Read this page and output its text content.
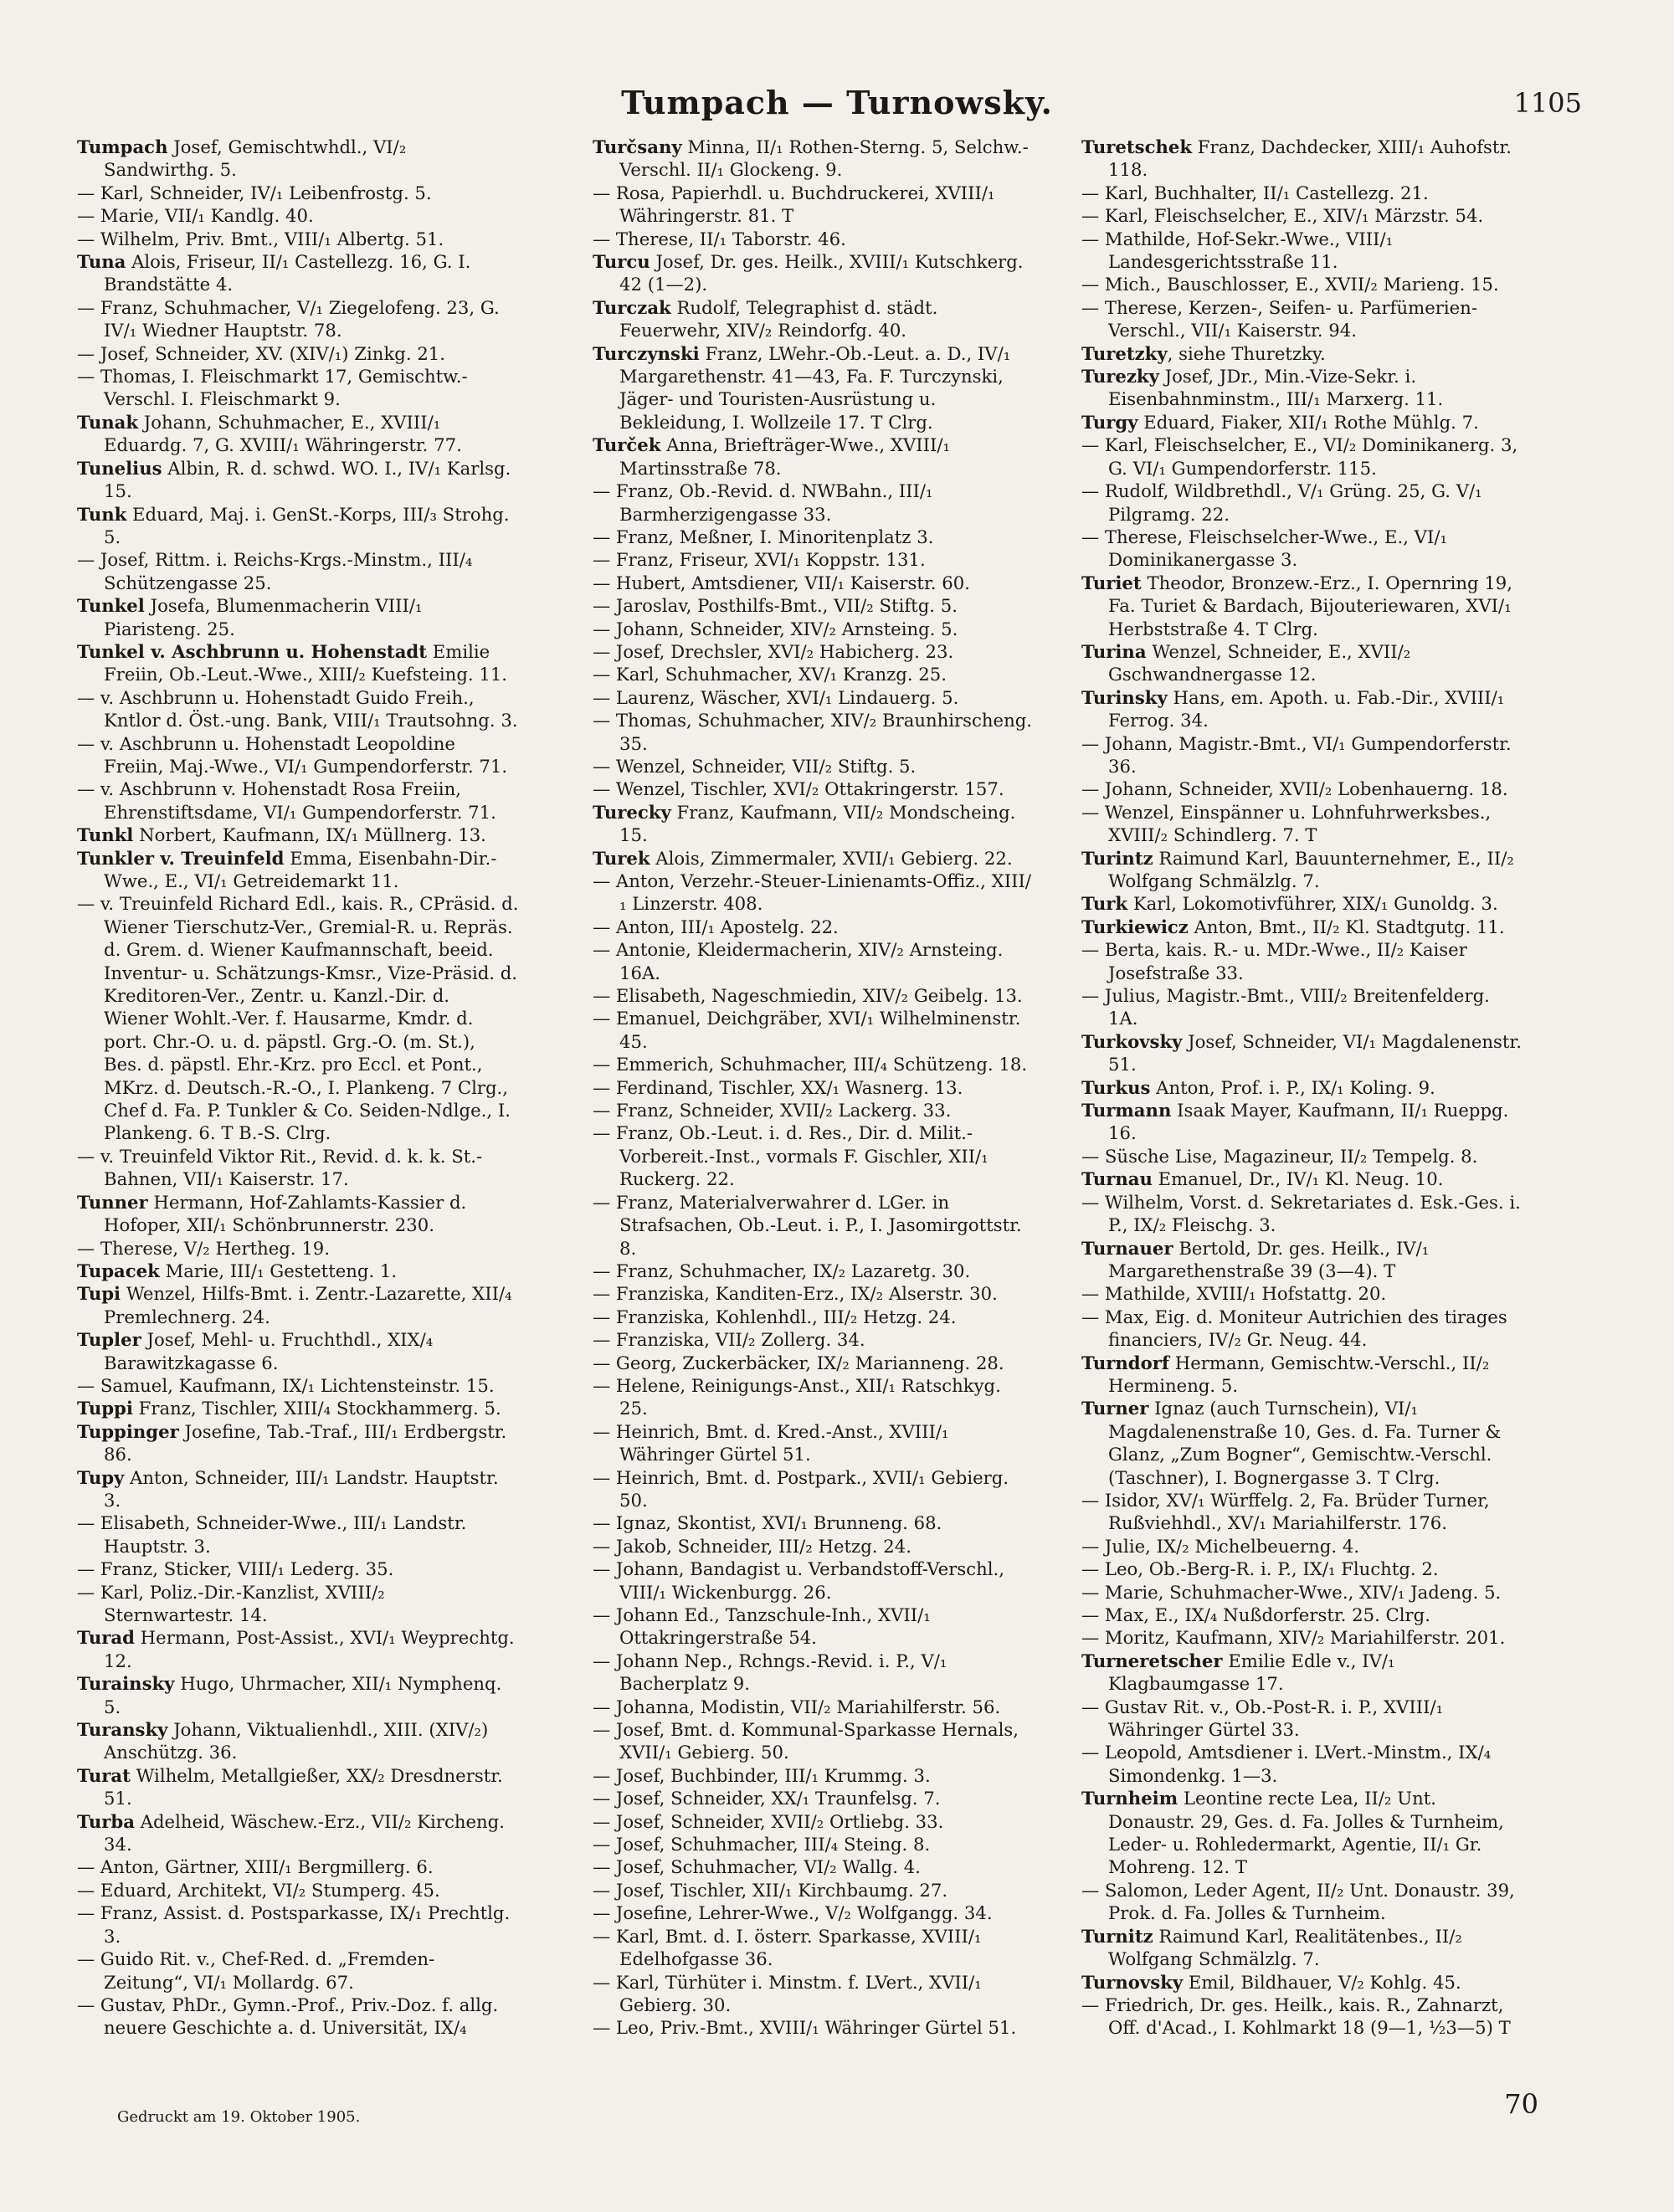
Tumpach — Turnowsky.	1105

Tumpach Josef, Gemischtwhdl., VI/₂ Sandwirthg. 5.

— Karl, Schneider, IV/₁ Leibenfrostg. 5.

— Marie, VII/₁ Kandlg. 40.

— Wilhelm, Priv. Bmt., VIII/₁ Albertg. 51.

Tuna Alois, Friseur, II/₁ Castellezg. 16, G. I. Brandstätte 4.

— Franz, Schuhmacher, V/₁ Ziegelofeng. 23, G. IV/₁ Wiedner Hauptstr. 78.

— Josef, Schneider, XV. (XIV/₁) Zinkg. 21.

— Thomas, I. Fleischmarkt 17, Gemischtw.-Verschl. I. Fleischmarkt 9.

Tunak Johann, Schuhmacher, E., XVIII/₁ Eduardg. 7, G. XVIII/₁ Währingerstr. 77.

Tunelius Albin, R. d. schwd. WO. I., IV/₁ Karlsg. 15.

Tunk Eduard, Maj. i. GenSt.-Korps, III/₃ Strohg. 5.

— Josef, Rittm. i. Reichs-Krgs.-Minstm., III/₄ Schützengasse 25.

Tunkel Josefa, Blumenmacherin VIII/₁ Piaristeng. 25.

Tunkel v. Aschbrunn u. Hohenstadt Emilie Freiin, Ob.-Leut.-Wwe., XIII/₂ Kuefsteing. 11.

— v. Aschbrunn u. Hohenstadt Guido Freih., Kntlor d. Öst.-ung. Bank, VIII/₁ Trautsohng. 3.

— v. Aschbrunn u. Hohenstadt Leopoldine Freiin, Maj.-Wwe., VI/₁ Gumpendorferstr. 71.

— v. Aschbrunn v. Hohenstadt Rosa Freiin, Ehrenstiftsdame, VI/₁ Gumpendorferstr. 71.

Tunkl Norbert, Kaufmann, IX/₁ Müllnerg. 13.

Tunkler v. Treuinfeld Emma, Eisenbahn-Dir.-Wwe., E., VI/₁ Getreidemarkt 11.

— v. Treuinfeld Richard Edl., kais. R., CPräsid. d. Wiener Tierschutz-Ver., Gremial-R. u. Repräs. d. Grem. d. Wiener Kaufmannschaft, beeid. Inventur- u. Schätzungs-Kmsr., Vize-Präsid. d. Kreditoren-Ver., Zentr. u. Kanzl.-Dir. d. Wiener Wohlt.-Ver. f. Hausarme, Kmdr. d. port. Chr.-O. u. d. päpstl. Grg.-O. (m. St.), Bes. d. päpstl. Ehr.-Krz. pro Eccl. et Pont., MKrz. d. Deutsch.-R.-O., I. Plankeng. 7 Clrg., Chef d. Fa. P. Tunkler & Co. Seiden-Ndlge., I. Plankeng. 6. T B.-S. Clrg.

— v. Treuinfeld Viktor Rit., Revid. d. k. k. St.-Bahnen, VII/₁ Kaiserstr. 17.

Tunner Hermann, Hof-Zahlamts-Kassier d. Hofoper, XII/₁ Schönbrunnerstr. 230.

— Therese, V/₂ Hertheg. 19.

Tupacek Marie, III/₁ Gestetteng. 1.

Tupi Wenzel, Hilfs-Bmt. i. Zentr.-Lazarette, XII/₄ Premlechnerg. 24.

Tupler Josef, Mehl- u. Fruchthdl., XIX/₄ Barawitzkagasse 6.

— Samuel, Kaufmann, IX/₁ Lichtensteinstr. 15.

Tuppi Franz, Tischler, XIII/₄ Stockhammerg. 5.

Tuppinger Josefine, Tab.-Traf., III/₁ Erdbergstr. 86.

Tupy Anton, Schneider, III/₁ Landstr. Hauptstr. 3.

— Elisabeth, Schneider-Wwe., III/₁ Landstr. Hauptstr. 3.

— Franz, Sticker, VIII/₁ Lederg. 35.

— Karl, Poliz.-Dir.-Kanzlist, XVIII/₂ Sternwartestr. 14.

Turad Hermann, Post-Assist., XVI/₁ Weyprechtg. 12.

Turainsky Hugo, Uhrmacher, XII/₁ Nymphenq. 5.

Turansky Johann, Viktualienhdl., XIII. (XIV/₂) Anschützg. 36.

Turat Wilhelm, Metallgießer, XX/₂ Dresdnerstr. 51.

Turba Adelheid, Wäschew.-Erz., VII/₂ Kircheng. 34.

— Anton, Gärtner, XIII/₁ Bergmillerg. 6.

— Eduard, Architekt, VI/₂ Stumperg. 45.

— Franz, Assist. d. Postsparkasse, IX/₁ Prechtlg. 3.

— Guido Rit. v., Chef-Red. d. „Fremden-Zeitung“, VI/₁ Mollardg. 67.

— Gustav, PhDr., Gymn.-Prof., Priv.-Doz. f. allg. neuere Geschichte a. d. Universität, IX/₄

Turčsany Minna, II/₁ Rothen-Sterng. 5, Selchw.-Verschl. II/₁ Glockeng. 9.

— Rosa, Papierhdl. u. Buchdruckerei, XVIII/₁ Währingerstr. 81. T

— Therese, II/₁ Taborstr. 46.

Turcu Josef, Dr. ges. Heilk., XVIII/₁ Kutschkerg. 42 (1—2).

Turczak Rudolf, Telegraphist d. städt. Feuerwehr, XIV/₂ Reindorfg. 40.

Turczynski Franz, LWehr.-Ob.-Leut. a. D., IV/₁ Margarethenstr. 41—43, Fa. F. Turczynski, Jäger- und Touristen-Ausrüstung u. Bekleidung, I. Wollzeile 17. T Clrg.

Turček Anna, Briefträger-Wwe., XVIII/₁ Martinsstraße 78.

— Franz, Ob.-Revid. d. NWBahn., III/₁ Barmherzigengasse 33.

— Franz, Meßner, I. Minoritenplatz 3.

— Franz, Friseur, XVI/₁ Koppstr. 131.

— Hubert, Amtsdiener, VII/₁ Kaiserstr. 60.

— Jaroslav, Posthilfs-Bmt., VII/₂ Stiftg. 5.

— Johann, Schneider, XIV/₂ Arnsteing. 5.

— Josef, Drechsler, XVI/₂ Habicherg. 23.

— Karl, Schuhmacher, XV/₁ Kranzg. 25.

— Laurenz, Wäscher, XVI/₁ Lindauerg. 5.

— Thomas, Schuhmacher, XIV/₂ Braunhirscheng. 35.

— Wenzel, Schneider, VII/₂ Stiftg. 5.

— Wenzel, Tischler, XVI/₂ Ottakringerstr. 157.

Turecky Franz, Kaufmann, VII/₂ Mondscheing. 15.

Turek Alois, Zimmermaler, XVII/₁ Gebierg. 22.

— Anton, Verzehr.-Steuer-Linienamts-Offiz., XIII/₁ Linzerstr. 408.

— Anton, III/₁ Apostelg. 22.

— Antonie, Kleidermacherin, XIV/₂ Arnsteing. 16A.

— Elisabeth, Nageschmiedin, XIV/₂ Geibelg. 13.

— Emanuel, Deichgräber, XVI/₁ Wilhelminenstr. 45.

— Emmerich, Schuhmacher, III/₄ Schützeng. 18.

— Ferdinand, Tischler, XX/₁ Wasnerg. 13.

— Franz, Schneider, XVII/₂ Lackerg. 33.

— Franz, Ob.-Leut. i. d. Res., Dir. d. Milit.-Vorbereit.-Inst., vormals F. Gischler, XII/₁ Ruckerg. 22.

— Franz, Materialverwahrer d. LGer. in Strafsachen, Ob.-Leut. i. P., I. Jasomirgottstr. 8.

— Franz, Schuhmacher, IX/₂ Lazaretg. 30.

— Franziska, Kanditen-Erz., IX/₂ Alserstr. 30.

— Franziska, Kohlenhdl., III/₂ Hetzg. 24.

— Franziska, VII/₂ Zollerg. 34.

— Georg, Zuckerbäcker, IX/₂ Marianneng. 28.

— Helene, Reinigungs-Anst., XII/₁ Ratschkyg. 25.

— Heinrich, Bmt. d. Kred.-Anst., XVIII/₁ Währinger Gürtel 51.

— Heinrich, Bmt. d. Postpark., XVII/₁ Gebierg. 50.

— Ignaz, Skontist, XVI/₁ Brunneng. 68.

— Jakob, Schneider, III/₂ Hetzg. 24.

— Johann, Bandagist u. Verbandstoff-Verschl., VIII/₁ Wickenburgg. 26.

— Johann Ed., Tanzschule-Inh., XVII/₁ Ottakringerstraße 54.

— Johann Nep., Rchngs.-Revid. i. P., V/₁ Bacherplatz 9.

— Johanna, Modistin, VII/₂ Mariahilferstr. 56.

— Josef, Bmt. d. Kommunal-Sparkasse Hernals, XVII/₁ Gebierg. 50.

— Josef, Buchbinder, III/₁ Krummg. 3.

— Josef, Schneider, XX/₁ Traunfelsg. 7.

— Josef, Schneider, XVII/₂ Ortliebg. 33.

— Josef, Schuhmacher, III/₄ Steing. 8.

— Josef, Schuhmacher, VI/₂ Wallg. 4.

— Josef, Tischler, XII/₁ Kirchbaumg. 27.

— Josefine, Lehrer-Wwe., V/₂ Wolfgangg. 34.

— Karl, Bmt. d. I. österr. Sparkasse, XVIII/₁ Edelhofgasse 36.

— Karl, Türhüter i. Minstm. f. LVert., XVII/₁ Gebierg. 30.

— Leo, Priv.-Bmt., XVIII/₁ Währinger Gürtel 51.

Turetschek Franz, Dachdecker, XIII/₁ Auhofstr. 118.

— Karl, Buchhalter, II/₁ Castellezg. 21.

— Karl, Fleischselcher, E., XIV/₁ Märzstr. 54.

— Mathilde, Hof-Sekr.-Wwe., VIII/₁ Landesgerichtsstraße 11.

— Mich., Bauschlosser, E., XVII/₂ Marieng. 15.

— Therese, Kerzen-, Seifen- u. Parfümerien-Verschl., VII/₁ Kaiserstr. 94.

Turetzky, siehe Thuretzky.

Turezky Josef, JDr., Min.-Vize-Sekr. i. Eisenbahnminstm., III/₁ Marxerg. 11.

Turgy Eduard, Fiaker, XII/₁ Rothe Mühlg. 7.

— Karl, Fleischselcher, E., VI/₂ Dominikanerg. 3, G. VI/₁ Gumpendorferstr. 115.

— Rudolf, Wildbrethdl., V/₁ Grüng. 25, G. V/₁ Pilgramg. 22.

— Therese, Fleischselcher-Wwe., E., VI/₁ Dominikanergasse 3.

Turiet Theodor, Bronzew.-Erz., I. Opernring 19, Fa. Turiet & Bardach, Bijouteriewaren, XVI/₁ Herbststraße 4. T Clrg.

Turina Wenzel, Schneider, E., XVII/₂ Gschwandnergasse 12.

Turinsky Hans, em. Apoth. u. Fab.-Dir., XVIII/₁ Ferrog. 34.

— Johann, Magistr.-Bmt., VI/₁ Gumpendorferstr. 36.

— Johann, Schneider, XVII/₂ Lobenhauerng. 18.

— Wenzel, Einspänner u. Lohnfuhrwerksbes., XVIII/₂ Schindlerg. 7. T

Turintz Raimund Karl, Bauunternehmer, E., II/₂ Wolfgang Schmälzlg. 7.

Turk Karl, Lokomotivführer, XIX/₁ Gunoldg. 3.

Turkiewicz Anton, Bmt., II/₂ Kl. Stadtgutg. 11.

— Berta, kais. R.- u. MDr.-Wwe., II/₂ Kaiser Josefstraße 33.

— Julius, Magistr.-Bmt., VIII/₂ Breitenfelderg. 1A.

Turkovsky Josef, Schneider, VI/₁ Magdalenenstr. 51.

Turkus Anton, Prof. i. P., IX/₁ Koling. 9.

Turmann Isaak Mayer, Kaufmann, II/₁ Rueppg. 16.

— Süsche Lise, Magazineur, II/₂ Tempelg. 8.

Turnau Emanuel, Dr., IV/₁ Kl. Neug. 10.

— Wilhelm, Vorst. d. Sekretariates d. Esk.-Ges. i. P., IX/₂ Fleischg. 3.

Turnauer Bertold, Dr. ges. Heilk., IV/₁ Margarethenstraße 39 (3—4). T

— Mathilde, XVIII/₁ Hofstattg. 20.

— Max, Eig. d. Moniteur Autrichien des tirages financiers, IV/₂ Gr. Neug. 44.

Turndorf Hermann, Gemischtw.-Verschl., II/₂ Hermineng. 5.

Turner Ignaz (auch Turnschein), VI/₁ Magdalenenstraße 10, Ges. d. Fa. Turner & Glanz, „Zum Bogner“, Gemischtw.-Verschl. (Taschner), I. Bognergasse 3. T Clrg.

— Isidor, XV/₁ Würffelg. 2, Fa. Brüder Turner, Rußviehhdl., XV/₁ Mariahilferstr. 176.

— Julie, IX/₂ Michelbeuerng. 4.

— Leo, Ob.-Berg-R. i. P., IX/₁ Fluchtg. 2.

— Marie, Schuhmacher-Wwe., XIV/₁ Jadeng. 5.

— Max, E., IX/₄ Nußdorferstr. 25. Clrg.

— Moritz, Kaufmann, XIV/₂ Mariahilferstr. 201.

Turneretscher Emilie Edle v., IV/₁ Klagbaumgasse 17.

— Gustav Rit. v., Ob.-Post-R. i. P., XVIII/₁ Währinger Gürtel 33.

— Leopold, Amtsdiener i. LVert.-Minstm., IX/₄ Simondenkg. 1—3.

Turnheim Leontine recte Lea, II/₂ Unt. Donaustr. 29, Ges. d. Fa. Jolles & Turnheim, Leder- u. Rohledermarkt, Agentie, II/₁ Gr. Mohreng. 12. T

— Salomon, Leder Agent, II/₂ Unt. Donaustr. 39, Prok. d. Fa. Jolles & Turnheim.

Turnitz Raimund Karl, Realitätenbes., II/₂ Wolfgang Schmälzlg. 7.

Turnovsky Emil, Bildhauer, V/₂ Kohlg. 45.

— Friedrich, Dr. ges. Heilk., kais. R., Zahnarzt, Off. d'Acad., I. Kohlmarkt 18 (9—1, ½3—5) T

Gedruckt am 19. Oktober 1905.	70
